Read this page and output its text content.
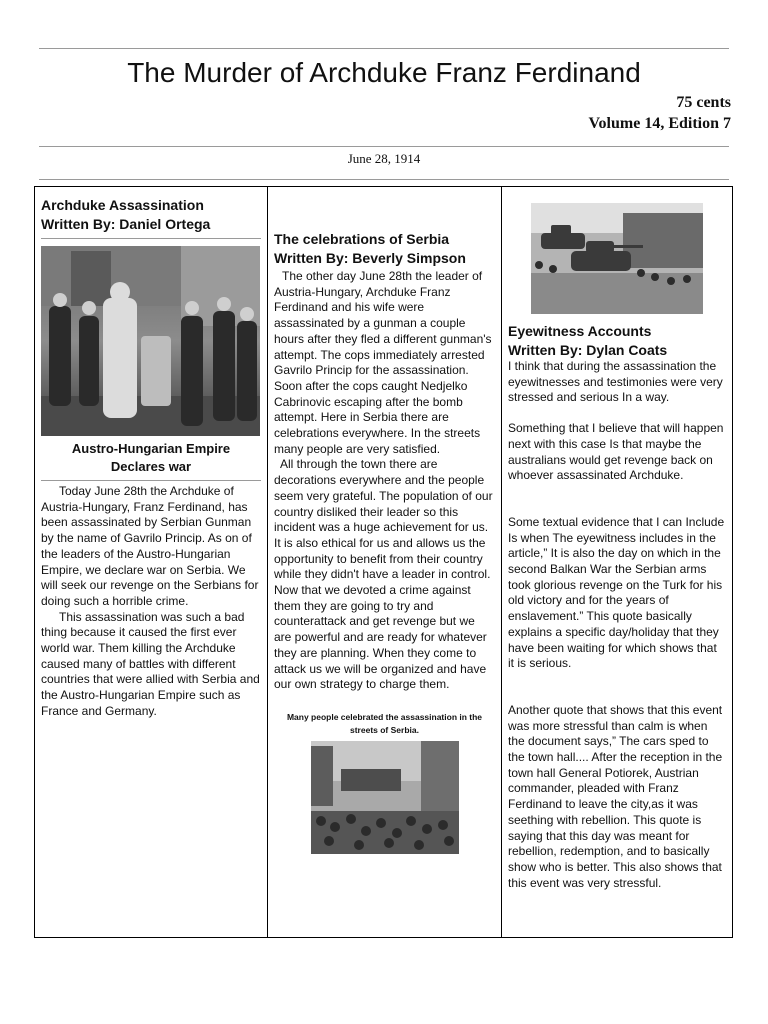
The Murder of Archduke Franz Ferdinand
75 cents
Volume 14, Edition 7
June 28, 1914
Archduke Assassination
Written By: Daniel Ortega
Austro-Hungarian Empire
Declares war

Today June 28th the Archduke of Austria-Hungary, Franz Ferdinand, has been assassinated by Serbian Gunman by the name of Gavrilo Princip. As on of the leaders of the Austro-Hungarian Empire, we declare war on Serbia. We will seek our revenge on the Serbians for doing such a horrible crime.

This assassination was such a bad thing because it caused the first ever world war. Them killing the Archduke caused many of battles with different countries that were allied with Serbia and the Austro-Hungarian Empire such as France and Germany.

The celebrations of Serbia
Written By: Beverly Simpson

The other day June 28th the leader of Austria-Hungary, Archduke Franz Ferdinand and his wife were assassinated by a gunman a couple hours after they fled a different gunman's attempt. The cops immediately arrested Gavrilo Princip for the assassination. Soon after the cops caught Nedjelko Cabrinovic escaping after the bomb attempt. Here in Serbia there are celebrations everywhere. In the streets many people are very satisfied.

All through the town there are decorations everywhere and the people seem very grateful. The population of our country disliked their leader so this incident was a huge achievement for us. It is also ethical for us and allows us the opportunity to benefit from their country while they didn't have a leader in control. Now that we devoted a crime against them they are going to try and counterattack and get revenge but we are powerful and are ready for whatever they are planning. When they come to attack us we will be organized and have our own strategy to charge them.

Many people celebrated the assassination in the
streets of Serbia.
Eyewitness Accounts
Written By: Dylan Coats

I think that during the assassination the eyewitnesses and testimonies were very stressed and serious In a way.

Something that I believe that will happen next with this case Is that maybe the australians would get revenge back on whoever assassinated Archduke.

Some textual evidence that I can Include Is when The eyewitness includes in the article,” It is also the day on which in the second Balkan War the Serbian arms took glorious revenge on the Turk for his old victory and for the years of enslavement.” This quote basically explains a specific day/holiday that they have been waiting for which shows that it is serious.

Another quote that shows that this event was more stressful than calm is when the document says,” The cars sped to the town hall.... After the reception in the town hall General Potiorek, Austrian commander, pleaded with Franz Ferdinand to leave the city,as it was seething with rebellion. This quote is saying that this day was meant for rebellion, redemption, and to basically show who is better. This also shows that this event was very stressful.
